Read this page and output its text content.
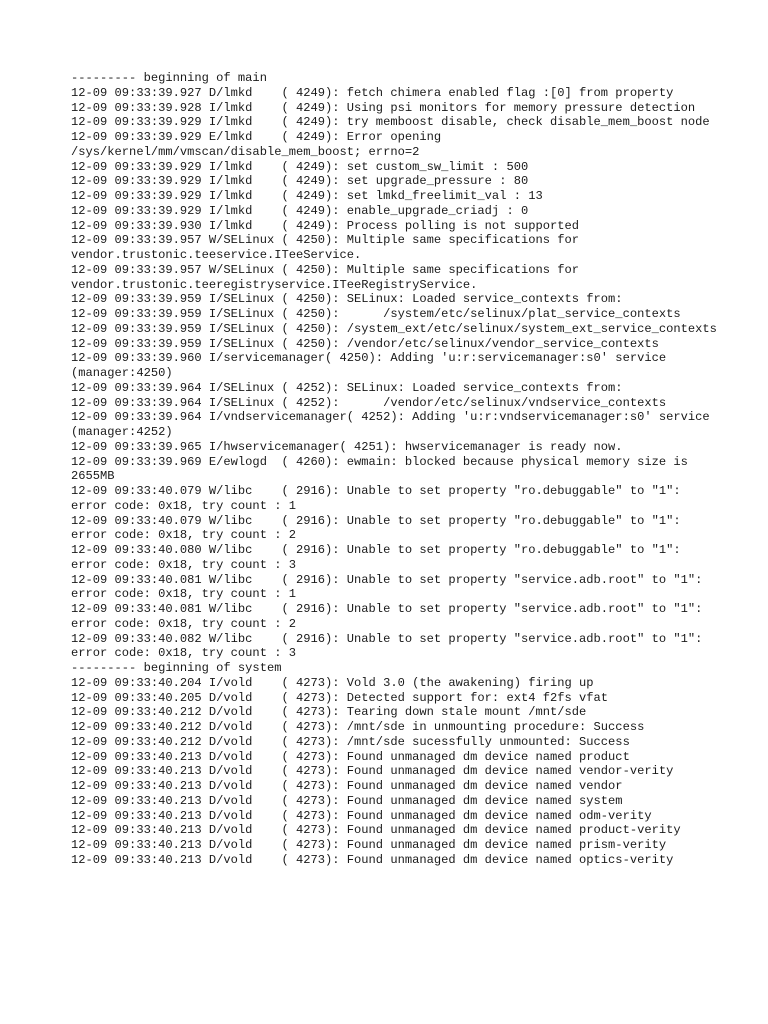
--------- beginning of main
12-09 09:33:39.927 D/lmkd    ( 4249): fetch chimera enabled flag :[0] from property
12-09 09:33:39.928 I/lmkd    ( 4249): Using psi monitors for memory pressure detection
12-09 09:33:39.929 I/lmkd    ( 4249): try memboost disable, check disable_mem_boost node
12-09 09:33:39.929 E/lmkd    ( 4249): Error opening /sys/kernel/mm/vmscan/disable_mem_boost; errno=2
12-09 09:33:39.929 I/lmkd    ( 4249): set custom_sw_limit : 500
12-09 09:33:39.929 I/lmkd    ( 4249): set upgrade_pressure : 80
12-09 09:33:39.929 I/lmkd    ( 4249): set lmkd_freelimit_val : 13
12-09 09:33:39.929 I/lmkd    ( 4249): enable_upgrade_criadj : 0
12-09 09:33:39.930 I/lmkd    ( 4249): Process polling is not supported
12-09 09:33:39.957 W/SELinux ( 4250): Multiple same specifications for vendor.trustonic.teeservice.ITeeService.
12-09 09:33:39.957 W/SELinux ( 4250): Multiple same specifications for vendor.trustonic.teeregistryservice.ITeeRegistryService.
12-09 09:33:39.959 I/SELinux ( 4250): SELinux: Loaded service_contexts from:
12-09 09:33:39.959 I/SELinux ( 4250):      /system/etc/selinux/plat_service_contexts
12-09 09:33:39.959 I/SELinux ( 4250): /system_ext/etc/selinux/system_ext_service_contexts
12-09 09:33:39.959 I/SELinux ( 4250): /vendor/etc/selinux/vendor_service_contexts
12-09 09:33:39.960 I/servicemanager( 4250): Adding 'u:r:servicemanager:s0' service (manager:4250)
12-09 09:33:39.964 I/SELinux ( 4252): SELinux: Loaded service_contexts from:
12-09 09:33:39.964 I/SELinux ( 4252):      /vendor/etc/selinux/vndservice_contexts
12-09 09:33:39.964 I/vndservicemanager( 4252): Adding 'u:r:vndservicemanager:s0' service (manager:4252)
12-09 09:33:39.965 I/hwservicemanager( 4251): hwservicemanager is ready now.
12-09 09:33:39.969 E/ewlogd  ( 4260): ewmain: blocked because physical memory size is 2655MB
12-09 09:33:40.079 W/libc    ( 2916): Unable to set property "ro.debuggable" to "1": error code: 0x18, try count : 1
12-09 09:33:40.079 W/libc    ( 2916): Unable to set property "ro.debuggable" to "1": error code: 0x18, try count : 2
12-09 09:33:40.080 W/libc    ( 2916): Unable to set property "ro.debuggable" to "1": error code: 0x18, try count : 3
12-09 09:33:40.081 W/libc    ( 2916): Unable to set property "service.adb.root" to "1": error code: 0x18, try count : 1
12-09 09:33:40.081 W/libc    ( 2916): Unable to set property "service.adb.root" to "1": error code: 0x18, try count : 2
12-09 09:33:40.082 W/libc    ( 2916): Unable to set property "service.adb.root" to "1": error code: 0x18, try count : 3
--------- beginning of system
12-09 09:33:40.204 I/vold    ( 4273): Vold 3.0 (the awakening) firing up
12-09 09:33:40.205 D/vold    ( 4273): Detected support for: ext4 f2fs vfat
12-09 09:33:40.212 D/vold    ( 4273): Tearing down stale mount /mnt/sde
12-09 09:33:40.212 D/vold    ( 4273): /mnt/sde in unmounting procedure: Success
12-09 09:33:40.212 D/vold    ( 4273): /mnt/sde sucessfully unmounted: Success
12-09 09:33:40.213 D/vold    ( 4273): Found unmanaged dm device named product
12-09 09:33:40.213 D/vold    ( 4273): Found unmanaged dm device named vendor-verity
12-09 09:33:40.213 D/vold    ( 4273): Found unmanaged dm device named vendor
12-09 09:33:40.213 D/vold    ( 4273): Found unmanaged dm device named system
12-09 09:33:40.213 D/vold    ( 4273): Found unmanaged dm device named odm-verity
12-09 09:33:40.213 D/vold    ( 4273): Found unmanaged dm device named product-verity
12-09 09:33:40.213 D/vold    ( 4273): Found unmanaged dm device named prism-verity
12-09 09:33:40.213 D/vold    ( 4273): Found unmanaged dm device named optics-verity
